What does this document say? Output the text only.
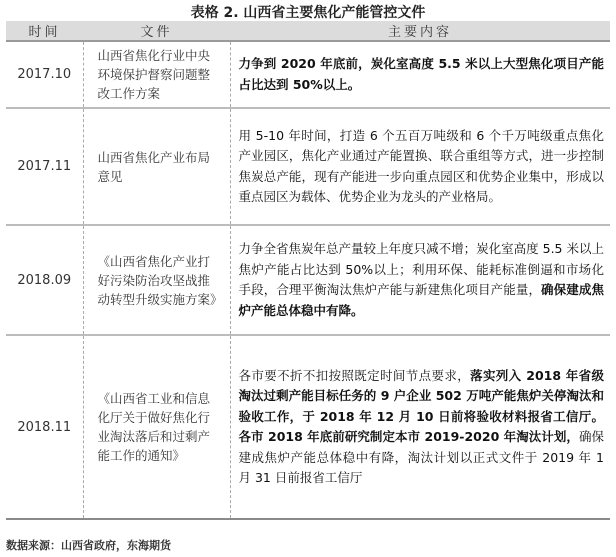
表格 2. 山西省主要焦化产能管控文件
时间	文件	主要内容
2017.10	山西省焦化行业中央环境保护督察问题整改工作方案	力争到 2020 年底前，炭化室高度 5.5 米以上大型焦化项目产能占比达到 50%以上。
2017.11	山西省焦化产业布局意见	用 5-10 年时间，打造 6 个五百万吨级和 6 个千万吨级重点焦化产业园区，焦化产业通过产能置换、联合重组等方式，进一步控制焦炭总产能，现有产能进一步向重点园区和优势企业集中，形成以重点园区为载体、优势企业为龙头的产业格局。
2018.09	《山西省焦化产业打好污染防治攻坚战推动转型升级实施方案》	力争全省焦炭年总产量较上年度只减不增；炭化室高度 5.5 米以上焦炉产能占比达到 50%以上；利用环保、能耗标准倒逼和市场化手段，合理平衡淘汰焦炉产能与新建焦化项目产能量，确保建成焦炉产能总体稳中有降。
2018.11	《山西省工业和信息化厅关于做好焦化行业淘汰落后和过剩产能工作的通知》	各市要不折不扣按照既定时间节点要求，落实列入 2018 年省级淘汰过剩产能目标任务的 9 户企业 502 万吨产能焦炉关停淘汰和验收工作，于 2018 年 12 月 10 日前将验收材料报省工信厅。各市 2018 年底前研究制定本市 2019-2020 年淘汰计划，确保建成焦炉产能总体稳中有降，淘汰计划以正式文件于 2019 年 1 月 31 日前报省工信厅
数据来源：山西省政府，东海期货
